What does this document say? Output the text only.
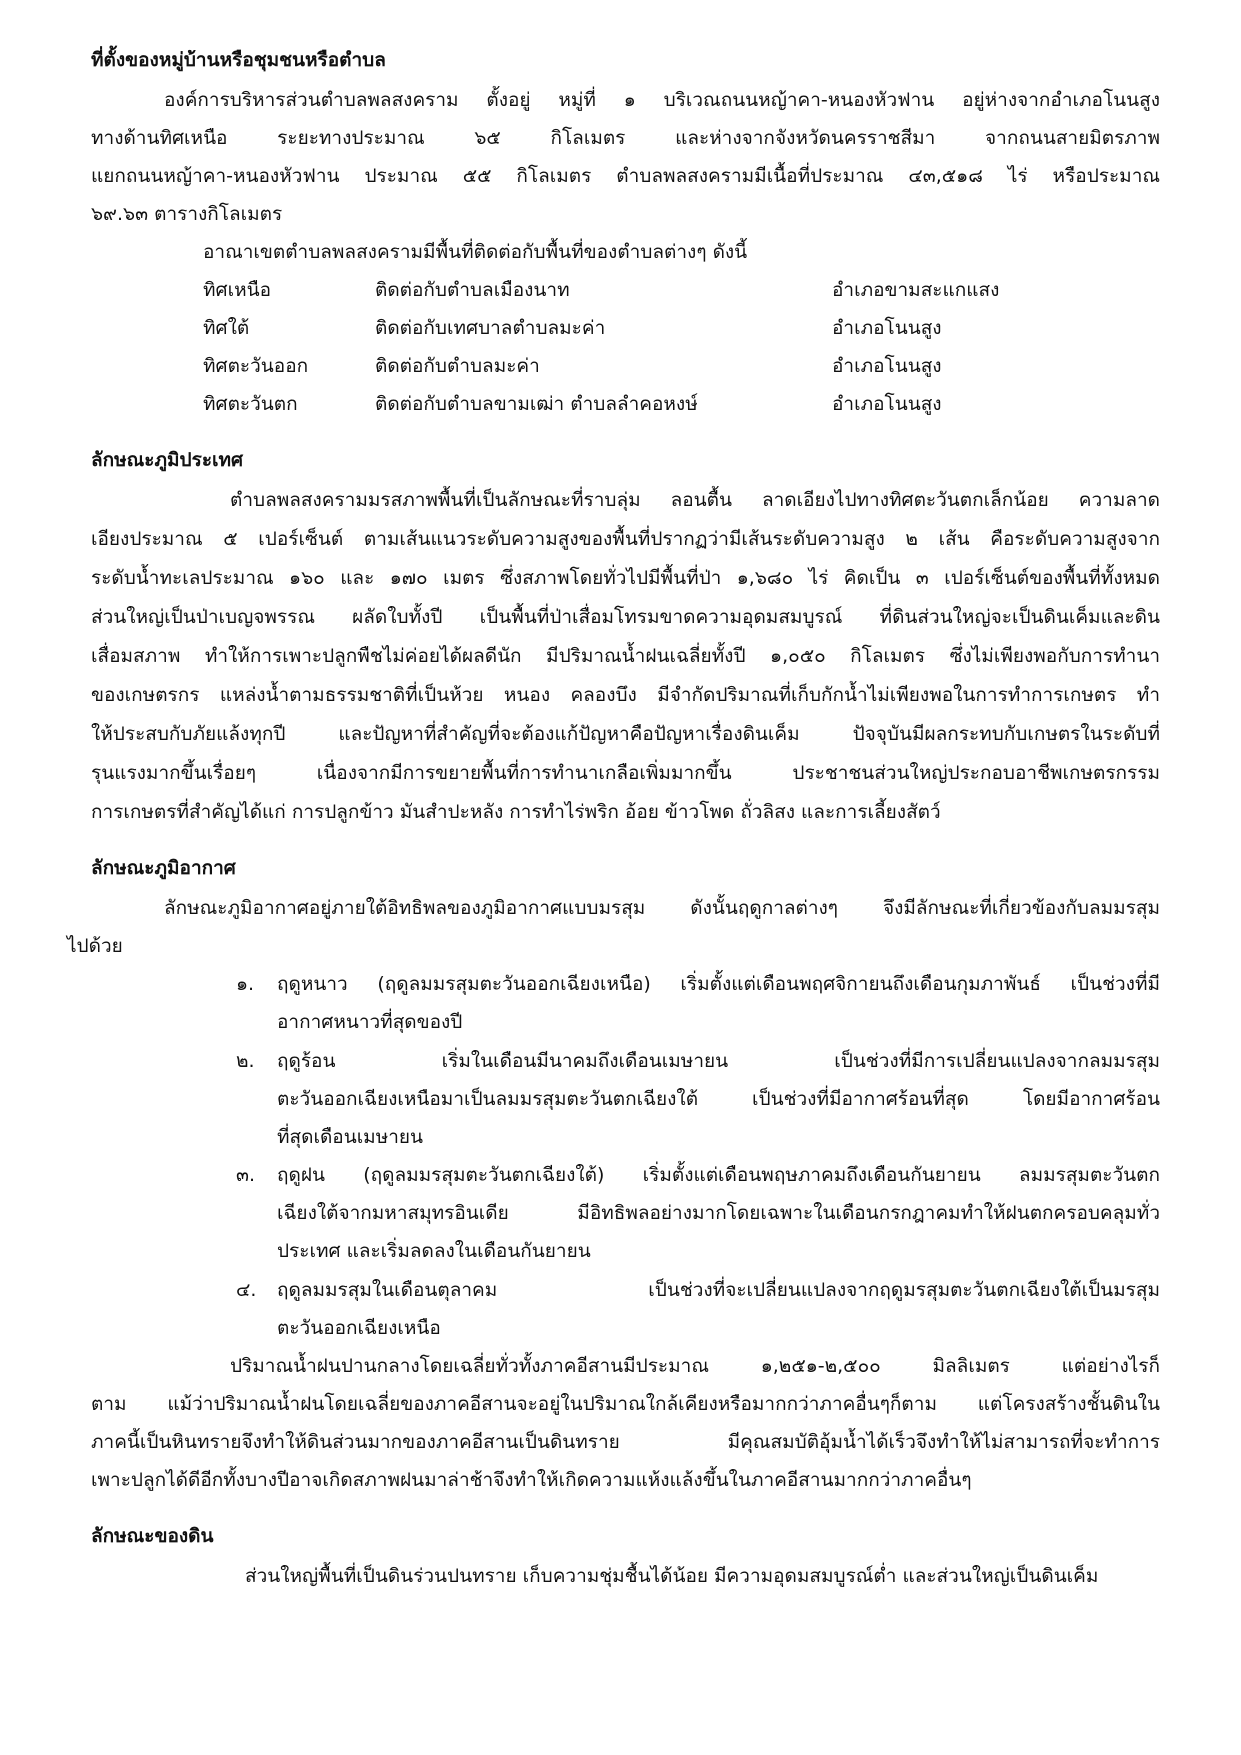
ที่ตั้งของหมู่บ้านหรือชุมชนหรือตำบล
องค์การบริหารส่วนตำบลพลสงคราม ตั้งอยู่ หมู่ที่ ๑ บริเวณถนนหญ้าคา-หนองหัวฟาน อยู่ห่างจากอำเภอโนนสูง
ทางด้านทิศเหนือ ระยะทางประมาณ ๖๕ กิโลเมตร และห่างจากจังหวัดนครราชสีมา จากถนนสายมิตรภาพ
แยกถนนหญ้าคา-หนองหัวฟาน ประมาณ ๕๕ กิโลเมตร ตำบลพลสงครามมีเนื้อที่ประมาณ ๔๓,๕๑๘ ไร่ หรือประมาณ
๖๙.๖๓ ตารางกิโลเมตร
อาณาเขตตำบลพลสงครามมีพื้นที่ติดต่อกับพื้นที่ของตำบลต่างๆ ดังนี้
ทิศเหนือ	ติดต่อกับตำบลเมืองนาท	อำเภอขามสะแกแสง
ทิศใต้	ติดต่อกับเทศบาลตำบลมะค่า	อำเภอโนนสูง
ทิศตะวันออก	ติดต่อกับตำบลมะค่า	อำเภอโนนสูง
ทิศตะวันตก	ติดต่อกับตำบลขามเฒ่า ตำบลลำคอหงษ์	อำเภอโนนสูง
ลักษณะภูมิประเทศ
ตำบลพลสงครามมรสภาพพื้นที่เป็นลักษณะที่ราบลุ่ม ลอนตื้น ลาดเอียงไปทางทิศตะวันตกเล็กน้อย ความลาด
เอียงประมาณ ๕ เปอร์เซ็นต์ ตามเส้นแนวระดับความสูงของพื้นที่ปรากฏว่ามีเส้นระดับความสูง ๒ เส้น คือระดับความสูงจาก
ระดับน้ำทะเลประมาณ ๑๖๐ และ ๑๗๐ เมตร ซึ่งสภาพโดยทั่วไปมีพื้นที่ป่า ๑,๖๘๐ ไร่ คิดเป็น ๓ เปอร์เซ็นต์ของพื้นที่ทั้งหมด
ส่วนใหญ่เป็นป่าเบญจพรรณ ผลัดใบทั้งปี เป็นพื้นที่ป่าเสื่อมโทรมขาดความอุดมสมบูรณ์ ที่ดินส่วนใหญ่จะเป็นดินเค็มและดิน
เสื่อมสภาพ ทำให้การเพาะปลูกพืชไม่ค่อยได้ผลดีนัก มีปริมาณน้ำฝนเฉลี่ยทั้งปี ๑,๐๕๐ กิโลเมตร ซึ่งไม่เพียงพอกับการทำนา
ของเกษตรกร แหล่งน้ำตามธรรมชาติที่เป็นห้วย หนอง คลองบึง มีจำกัดปริมาณที่เก็บกักน้ำไม่เพียงพอในการทำการเกษตร ทำ
ให้ประสบกับภัยแล้งทุกปี และปัญหาที่สำคัญที่จะต้องแก้ปัญหาคือปัญหาเรื่องดินเค็ม ปัจจุบันมีผลกระทบกับเกษตรในระดับที่
รุนแรงมากขึ้นเรื่อยๆ เนื่องจากมีการขยายพื้นที่การทำนาเกลือเพิ่มมากขึ้น ประชาชนส่วนใหญ่ประกอบอาชีพเกษตรกรรม
การเกษตรที่สำคัญได้แก่ การปลูกข้าว มันสำปะหลัง การทำไร่พริก อ้อย ข้าวโพด ถั่วลิสง และการเลี้ยงสัตว์
ลักษณะภูมิอากาศ
ลักษณะภูมิอากาศอยู่ภายใต้อิทธิพลของภูมิอากาศแบบมรสุม ดังนั้นฤดูกาลต่างๆ จึงมีลักษณะที่เกี่ยวข้องกับลมมรสุม
ไปด้วย
๑. ฤดูหนาว (ฤดูลมมรสุมตะวันออกเฉียงเหนือ) เริ่มตั้งแต่เดือนพฤศจิกายนถึงเดือนกุมภาพันธ์ เป็นช่วงที่มี
อากาศหนาวที่สุดของปี
๒. ฤดูร้อน เริ่มในเดือนมีนาคมถึงเดือนเมษายน เป็นช่วงที่มีการเปลี่ยนแปลงจากลมมรสุม
ตะวันออกเฉียงเหนือมาเป็นลมมรสุมตะวันตกเฉียงใต้ เป็นช่วงที่มีอากาศร้อนที่สุด โดยมีอากาศร้อน
ที่สุดเดือนเมษายน
๓. ฤดูฝน (ฤดูลมมรสุมตะวันตกเฉียงใต้) เริ่มตั้งแต่เดือนพฤษภาคมถึงเดือนกันยายน ลมมรสุมตะวันตก
เฉียงใต้จากมหาสมุทรอินเดีย มีอิทธิพลอย่างมากโดยเฉพาะในเดือนกรกฎาคมทำให้ฝนตกครอบคลุมทั่ว
ประเทศ และเริ่มลดลงในเดือนกันยายน
๔. ฤดูลมมรสุมในเดือนตุลาคม เป็นช่วงที่จะเปลี่ยนแปลงจากฤดูมรสุมตะวันตกเฉียงใต้เป็นมรสุม
ตะวันออกเฉียงเหนือ
ปริมาณน้ำฝนปานกลางโดยเฉลี่ยทั่วทั้งภาคอีสานมีประมาณ ๑,๒๕๑-๒,๕๐๐ มิลลิเมตร แต่อย่างไรก็
ตาม แม้ว่าปริมาณน้ำฝนโดยเฉลี่ยของภาคอีสานจะอยู่ในปริมาณใกล้เคียงหรือมากกว่าภาคอื่นๆก็ตาม แต่โครงสร้างชั้นดินใน
ภาคนี้เป็นหินทรายจึงทำให้ดินส่วนมากของภาคอีสานเป็นดินทราย มีคุณสมบัติอุ้มน้ำได้เร็วจึงทำให้ไม่สามารถที่จะทำการ
เพาะปลูกได้ดีอีกทั้งบางปีอาจเกิดสภาพฝนมาล่าช้าจึงทำให้เกิดความแห้งแล้งขึ้นในภาคอีสานมากกว่าภาคอื่นๆ
ลักษณะของดิน
ส่วนใหญ่พื้นที่เป็นดินร่วนปนทราย เก็บความชุ่มชื้นได้น้อย มีความอุดมสมบูรณ์ต่ำ และส่วนใหญ่เป็นดินเค็ม
